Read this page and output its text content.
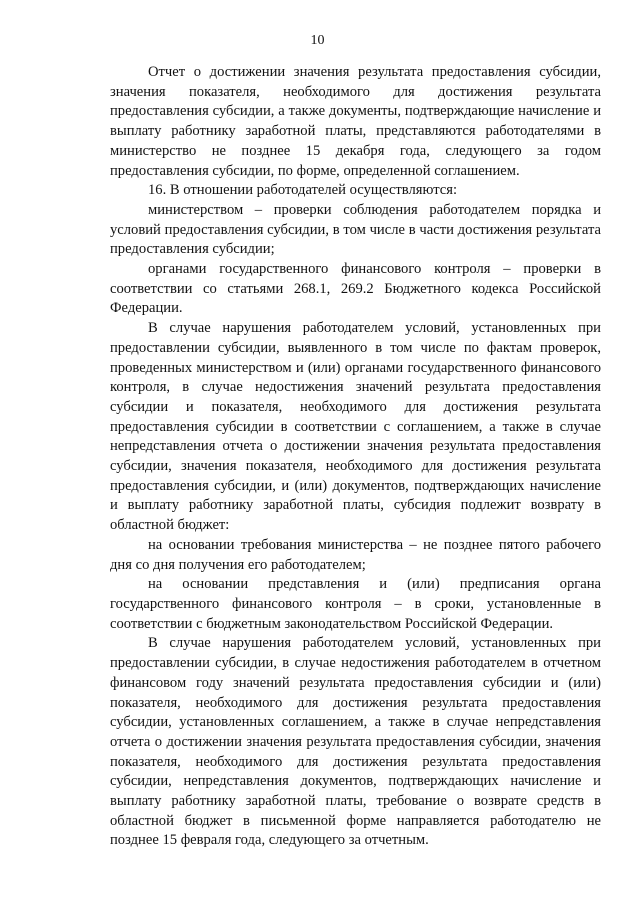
10

Отчет о достижении значения результата предоставления субсидии, значения показателя, необходимого для достижения результата предоставления субсидии, а также документы, подтверждающие начисление и выплату работнику заработной платы, представляются работодателями в министерство не позднее 15 декабря года, следующего за годом предоставления субсидии, по форме, определенной соглашением.

16. В отношении работодателей осуществляются:

министерством – проверки соблюдения работодателем порядка и условий предоставления субсидии, в том числе в части достижения результата предоставления субсидии;

органами государственного финансового контроля – проверки в соответствии со статьями 268.1, 269.2 Бюджетного кодекса Российской Федерации.

В случае нарушения работодателем условий, установленных при предоставлении субсидии, выявленного в том числе по фактам проверок, проведенных министерством и (или) органами государственного финансового контроля, в случае недостижения значений результата предоставления субсидии и показателя, необходимого для достижения результата предоставления субсидии в соответствии с соглашением, а также в случае непредставления отчета о достижении значения результата предоставления субсидии, значения показателя, необходимого для достижения результата предоставления субсидии, и (или) документов, подтверждающих начисление и выплату работнику заработной платы, субсидия подлежит возврату в областной бюджет:

на основании требования министерства – не позднее пятого рабочего дня со дня получения его работодателем;

на основании представления и (или) предписания органа государственного финансового контроля – в сроки, установленные в соответствии с бюджетным законодательством Российской Федерации.

В случае нарушения работодателем условий, установленных при предоставлении субсидии, в случае недостижения работодателем в отчетном финансовом году значений результата предоставления субсидии и (или) показателя, необходимого для достижения результата предоставления субсидии, установленных соглашением, а также в случае непредставления отчета о достижении значения результата предоставления субсидии, значения показателя, необходимого для достижения результата предоставления субсидии, непредставления документов, подтверждающих начисление и выплату работнику заработной платы, требование о возврате средств в областной бюджет в письменной форме направляется работодателю не позднее 15 февраля года, следующего за отчетным.
